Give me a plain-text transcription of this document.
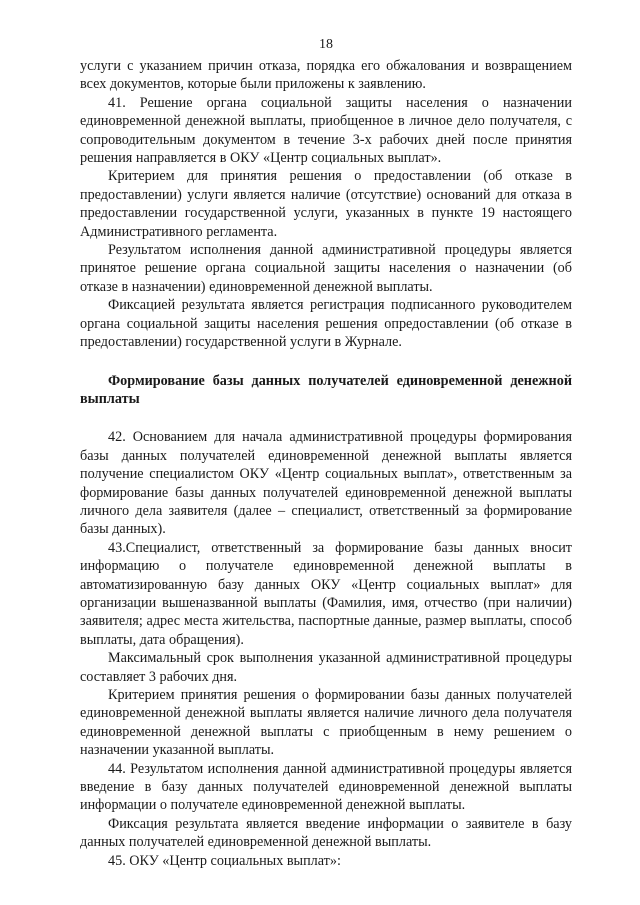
18

услуги с указанием причин отказа, порядка его обжалования и возвращением всех документов, которые были приложены к заявлению.

41. Решение органа социальной защиты населения о назначении единовременной денежной выплаты, приобщенное в личное дело получателя, с сопроводительным документом в течение 3-х рабочих дней после принятия решения направляется в ОКУ «Центр социальных выплат».

Критерием для принятия решения о предоставлении (об отказе в предоставлении) услуги является наличие (отсутствие) оснований для отказа в предоставлении государственной услуги, указанных в пункте 19 настоящего Административного регламента.

Результатом исполнения данной административной процедуры является принятое решение органа социальной защиты населения о назначении (об отказе в назначении) единовременной денежной выплаты.

Фиксацией результата является регистрация подписанного руководителем органа социальной защиты населения решения опредоставлении (об отказе в предоставлении) государственной услуги в Журнале.

Формирование базы данных получателей единовременной денежной выплаты

42. Основанием для начала административной процедуры формирования базы данных получателей единовременной денежной выплаты является получение специалистом ОКУ «Центр социальных выплат», ответственным за формирование базы данных получателей единовременной денежной выплаты личного дела заявителя (далее – специалист, ответственный за формирование базы данных).

43.Специалист, ответственный за формирование базы данных вносит информацию о получателе единовременной денежной выплаты в автоматизированную базу данных ОКУ «Центр социальных выплат» для организации вышеназванной выплаты (Фамилия, имя, отчество (при наличии) заявителя; адрес места жительства, паспортные данные, размер выплаты, способ выплаты, дата обращения).

Максимальный срок выполнения указанной административной процедуры составляет 3 рабочих дня.

Критерием принятия решения о формировании базы данных получателей единовременной денежной выплаты является наличие личного дела получателя единовременной денежной выплаты с приобщенным в нему решением о назначении указанной выплаты.

44. Результатом исполнения данной административной процедуры является введение в базу данных получателей единовременной денежной выплаты информации о получателе единовременной денежной выплаты.

Фиксация результата является введение информации о заявителе в базу данных получателей единовременной денежной выплаты.

45. ОКУ «Центр социальных выплат»:
